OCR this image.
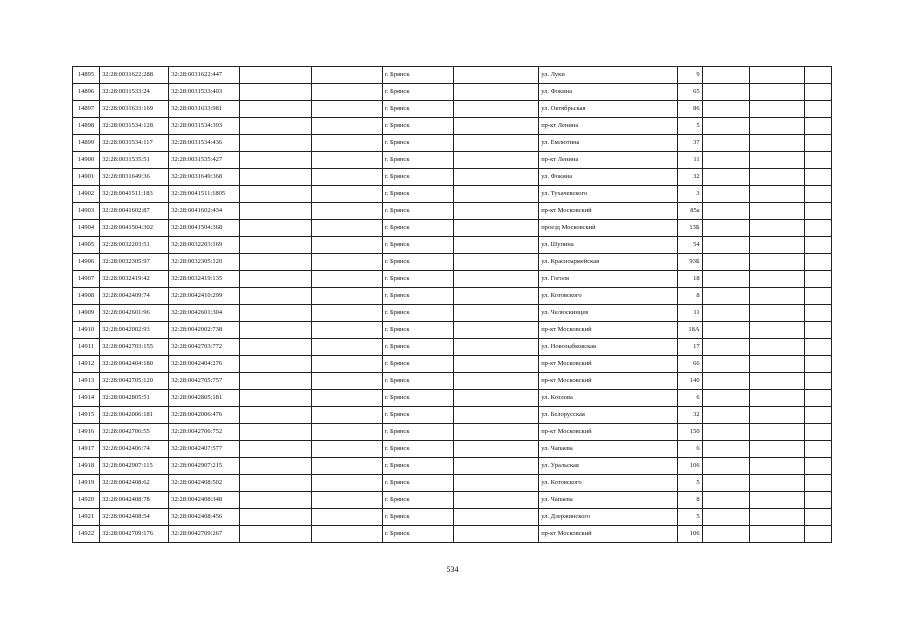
14895	32:28:0031622:288	32:28:0031622:447			г. Брянск		ул. Луки	9			
14896	32:28:0031533:24	32:28:0031533:403			г. Брянск		ул. Фокина	65			
14897	32:28:0031633:169	32:28:0031633:981			г. Брянск		ул. Октябрьская	86			
14898	32:28:0031534:128	32:28:0031534:393			г. Брянск		пр-кт Ленина	5			
14899	32:28:0031534:117	32:28:0031534:436			г. Брянск		ул. Емлютина	37			
14900	32:28:0031535:51	32:28:0031535:427			г. Брянск		пр-кт Ленина	11			
14901	32:28:0031649:36	32:28:0031649:368			г. Брянск		ул. Фокина	32			
14902	32:28:0041511:183	32:28:0041511:1805			г. Брянск		ул. Тухачевского	3			
14903	32:28:0041602:87	32:28:0041602:434			г. Брянск		пр-кт Московский	85а			
14904	32:28:0041504:302	32:28:0041504:368			г. Брянск		проезд Московский	13Б			
14905	32:28:0032203:51	32:28:0032203:169			г. Брянск		ул. Шупина	54			
14906	32:28:0032305:97	32:28:0032305:120			г. Брянск		ул. Красноармейская	93Б			
14907	32:28:0032419:42	32:28:0032419:135			г. Брянск		ул. Гоголя	18			
14908	32:28:0042409:74	32:28:0042410:299			г. Брянск		ул. Котовского	8			
14909	32:28:0042601:96	32:28:0042601:304			г. Брянск		ул. Челюскинцев	11			
14910	32:28:0042002:93	32:28:0042002:738			г. Брянск		пр-кт Московский	18А			
14911	32:28:0042703:155	32:28:0042703:772			г. Брянск		ул. Новозыбковская	17			
14912	32:28:0042404:180	32:28:0042404:276			г. Брянск		пр-кт Московский	66			
14913	32:28:0042705:120	32:28:0042705:757			г. Брянск		пр-кт Московский	140			
14914	32:28:0042805:51	32:28:0042805:181			г. Брянск		ул. Козлова	6			
14915	32:28:0042006:181	32:28:0042006:476			г. Брянск		ул. Белорусская	32			
14916	32:28:0042706:55	32:28:0042706:752			г. Брянск		пр-кт Московский	150			
14917	32:28:0042406:74	32:28:0042407:577			г. Брянск		ул. Чапаева	6			
14918	32:28:0042907:115	32:28:0042907:215			г. Брянск		ул. Уральская	106			
14919	32:28:0042408:62	32:28:0042408:502			г. Брянск		ул. Котовского	5			
14920	32:28:0042408:78	32:28:0042408:348			г. Брянск		ул. Чапаева	8			
14921	32:28:0042408:54	32:28:0042408:456			г. Брянск		ул. Дзержинского	5			
14922	32:28:0042709:176	32:28:0042709:267			г. Брянск		пр-кт Московский	106			
534
